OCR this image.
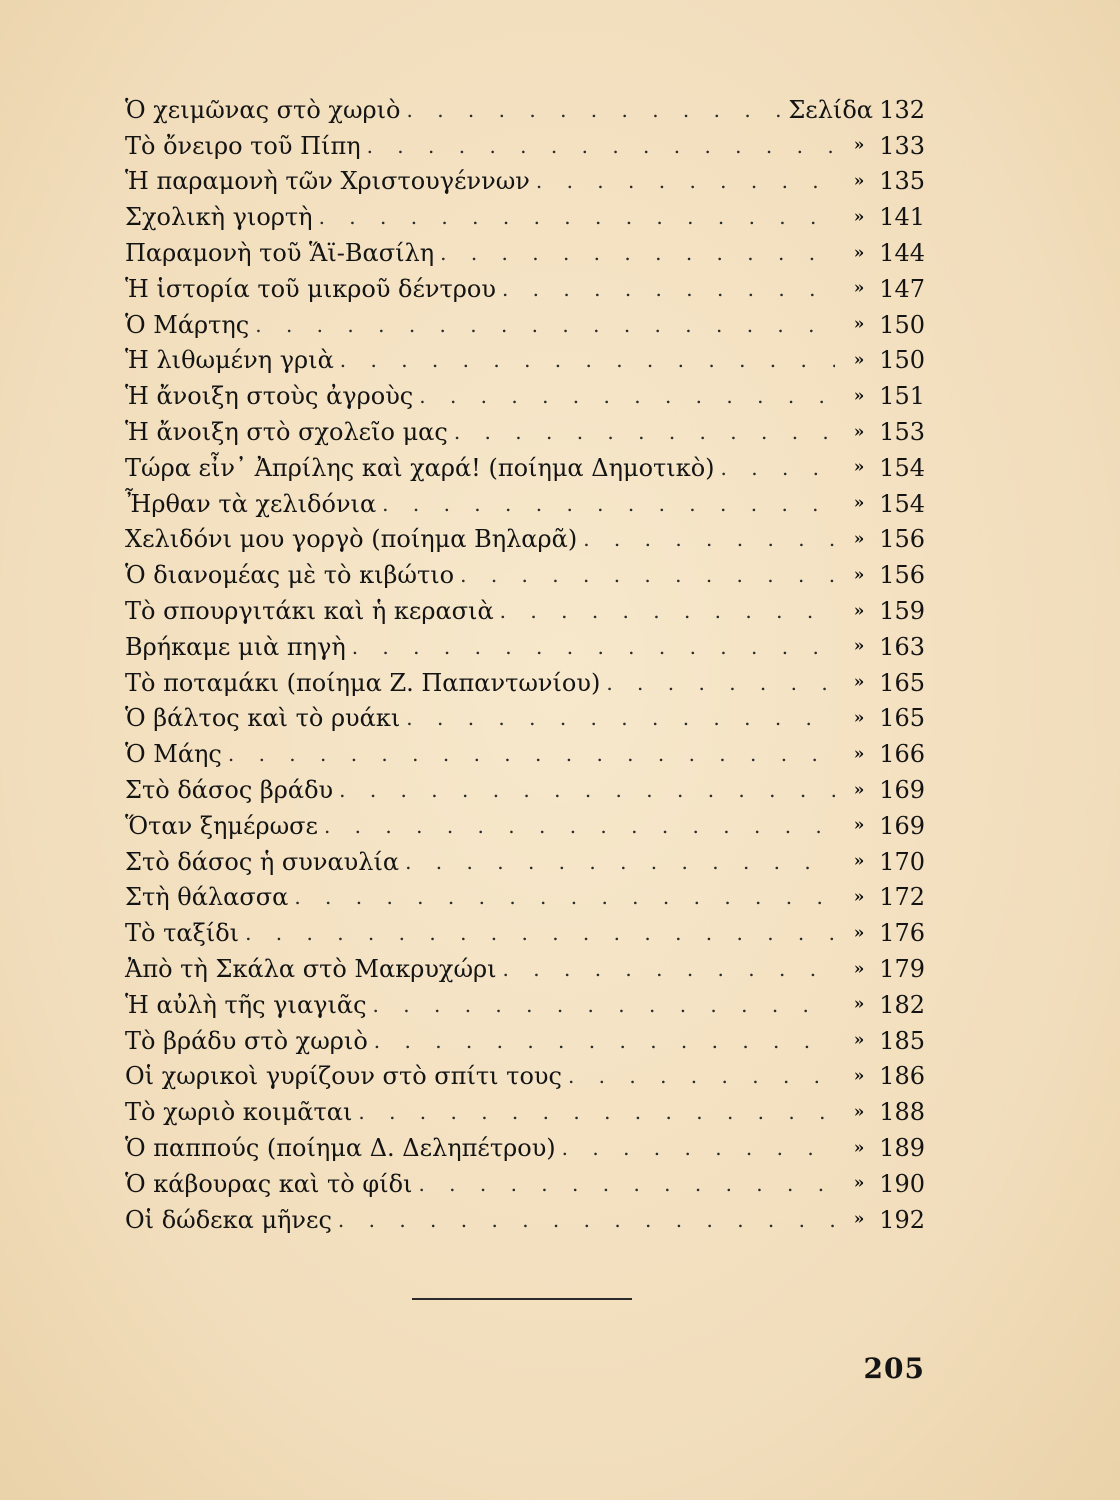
Ὁ χειμῶνας στὸ χωριὸ . . .	Σελίδα 132
Τὸ ὄνειρο τοῦ Πίπη . . .	» 133
Ἡ παραμονὴ τῶν Χριστουγέννων . . .	» 135
Σχολικὴ γιορτὴ . . .	» 141
Παραμονὴ τοῦ Ἅϊ-Βασίλη . . .	» 144
Ἡ ἱστορία τοῦ μικροῦ δέντρου . . .	» 147
Ὁ Μάρτης . . .	» 150
Ἡ λιθωμένη γριὰ . . .	» 150
Ἡ ἄνοιξη στοὺς ἀγροὺς . . .	» 151
Ἡ ἄνοιξη στὸ σχολεῖο μας . . .	» 153
Τώρα εἶν᾽ Ἀπρίλης καὶ χαρά! (ποίημα Δημοτικὸ) . . .	» 154
Ἦρθαν τὰ χελιδόνια . . .	» 154
Χελιδόνι μου γοργὸ (ποίημα Βηλαρᾶ) . . .	» 156
Ὁ διανομέας μὲ τὸ κιβώτιο . . .	» 156
Τὸ σπουργιτάκι καὶ ἡ κερασιὰ . . .	» 159
Βρήκαμε μιὰ πηγὴ . . .	» 163
Τὸ ποταμάκι (ποίημα Ζ. Παπαντωνίου) . . .	» 165
Ὁ βάλτος καὶ τὸ ρυάκι . . .	» 165
Ὁ Μάης . . .	» 166
Στὸ δάσος βράδυ . . .	» 169
Ὅταν ξημέρωσε . . .	» 169
Στὸ δάσος ἡ συναυλία . . .	» 170
Στὴ θάλασσα . . .	» 172
Τὸ ταξίδι . . .	» 176
Ἀπὸ τὴ Σκάλα στὸ Μακρυχώρι . . .	» 179
Ἡ αὐλὴ τῆς γιαγιᾶς . . .	» 182
Τὸ βράδυ στὸ χωριὸ . . .	» 185
Οἱ χωρικοὶ γυρίζουν στὸ σπίτι τους . . .	» 186
Τὸ χωριὸ κοιμᾶται . . .	» 188
Ὁ παππούς (ποίημα Δ. Δεληπέτρου) . . .	» 189
Ὁ κάβουρας καὶ τὸ φίδι . . .	» 190
Οἱ δώδεκα μῆνες . . .	» 192
205
